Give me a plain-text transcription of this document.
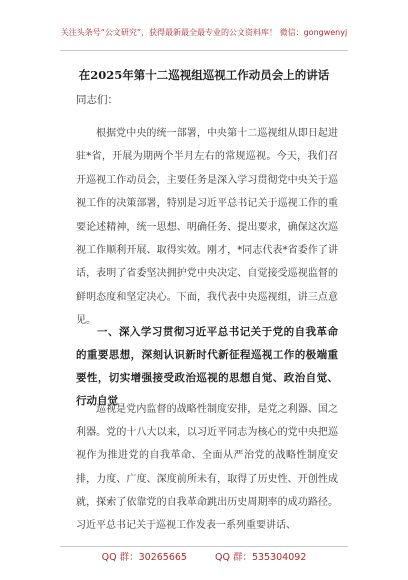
关注头条号“公文研究”，获得最新最全最专业的公文资料库！ 微信：gongwenyj
在2025年第十二巡视组巡视工作动员会上的讲话
同志们：

根据党中央的统一部署，中央第十二巡视组从即日起进驻*省，开展为期两个半月左右的常规巡视。今天，我们召开巡视工作动员会，主要任务是深入学习贯彻党中央关于巡视工作的决策部署，特别是习近平总书记关于巡视工作的重要论述精神，统一思想、明确任务、提出要求，确保这次巡视工作顺利开展、取得实效。刚才，*同志代表*省委作了讲话，表明了省委坚决拥护党中央决定、自觉接受巡视监督的鲜明态度和坚定决心。下面，我代表中央巡视组，讲三点意见。

一、深入学习贯彻习近平总书记关于党的自我革命的重要思想，深刻认识新时代新征程巡视工作的极端重要性，切实增强接受政治巡视的思想自觉、政治自觉、行动自觉

巡视是党内监督的战略性制度安排，是党之利器、国之利器。党的十八大以来，以习近平同志为核心的党中央把巡视作为推进党的自我革命、全面从严治党的战略性制度安排，力度、广度、深度前所未有，取得了历史性、开创性成就，探索了依靠党的自我革命跳出历史周期率的成功路径。习近平总书记关于巡视工作发表一系列重要讲话、

QQ 群：30265665	QQ 群：535304092
